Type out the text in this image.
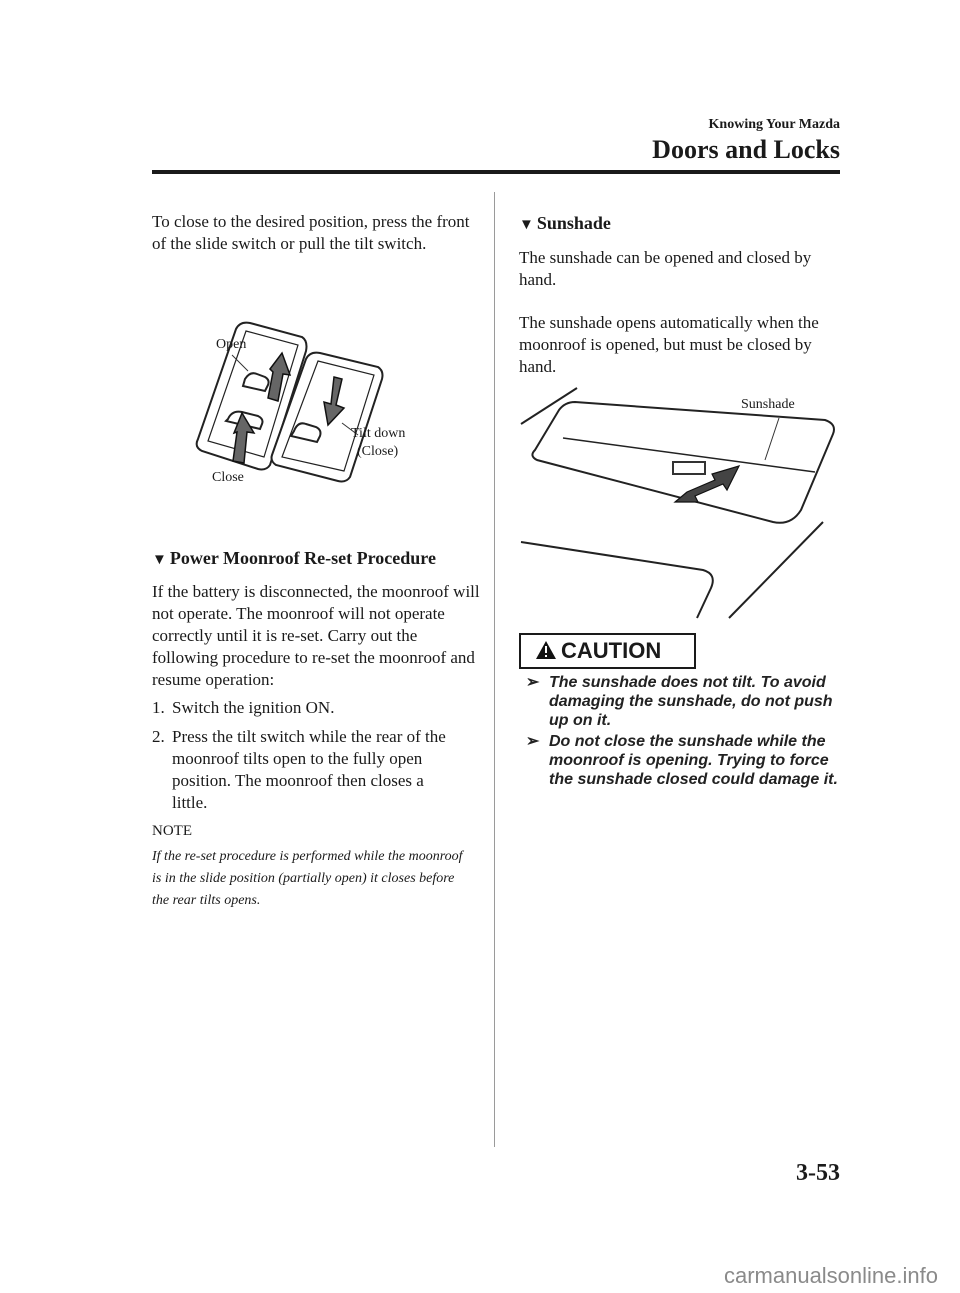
Knowing Your Mazda
Doors and Locks
To close to the desired position, press the front of the slide switch or pull the tilt switch.
Open
Tilt down
(Close)
Close
▼ Power Moonroof Re-set Procedure
If the battery is disconnected, the moonroof will not operate. The moonroof will not operate correctly until it is re-set. Carry out the following procedure to re-set the moonroof and resume operation:
1. Switch the ignition ON.
2. Press the tilt switch while the rear of the moonroof tilts open to the fully open position. The moonroof then closes a little.
NOTE
If the re-set procedure is performed while the moonroof is in the slide position (partially open) it closes before the rear tilts opens.
▼ Sunshade
The sunshade can be opened and closed by hand.
The sunshade opens automatically when the moonroof is opened, but must be closed by hand.
Sunshade
CAUTION
➢ The sunshade does not tilt. To avoid damaging the sunshade, do not push up on it.
➢ Do not close the sunshade while the moonroof is opening. Trying to force the sunshade closed could damage it.
3-53
carmanualsonline.info
